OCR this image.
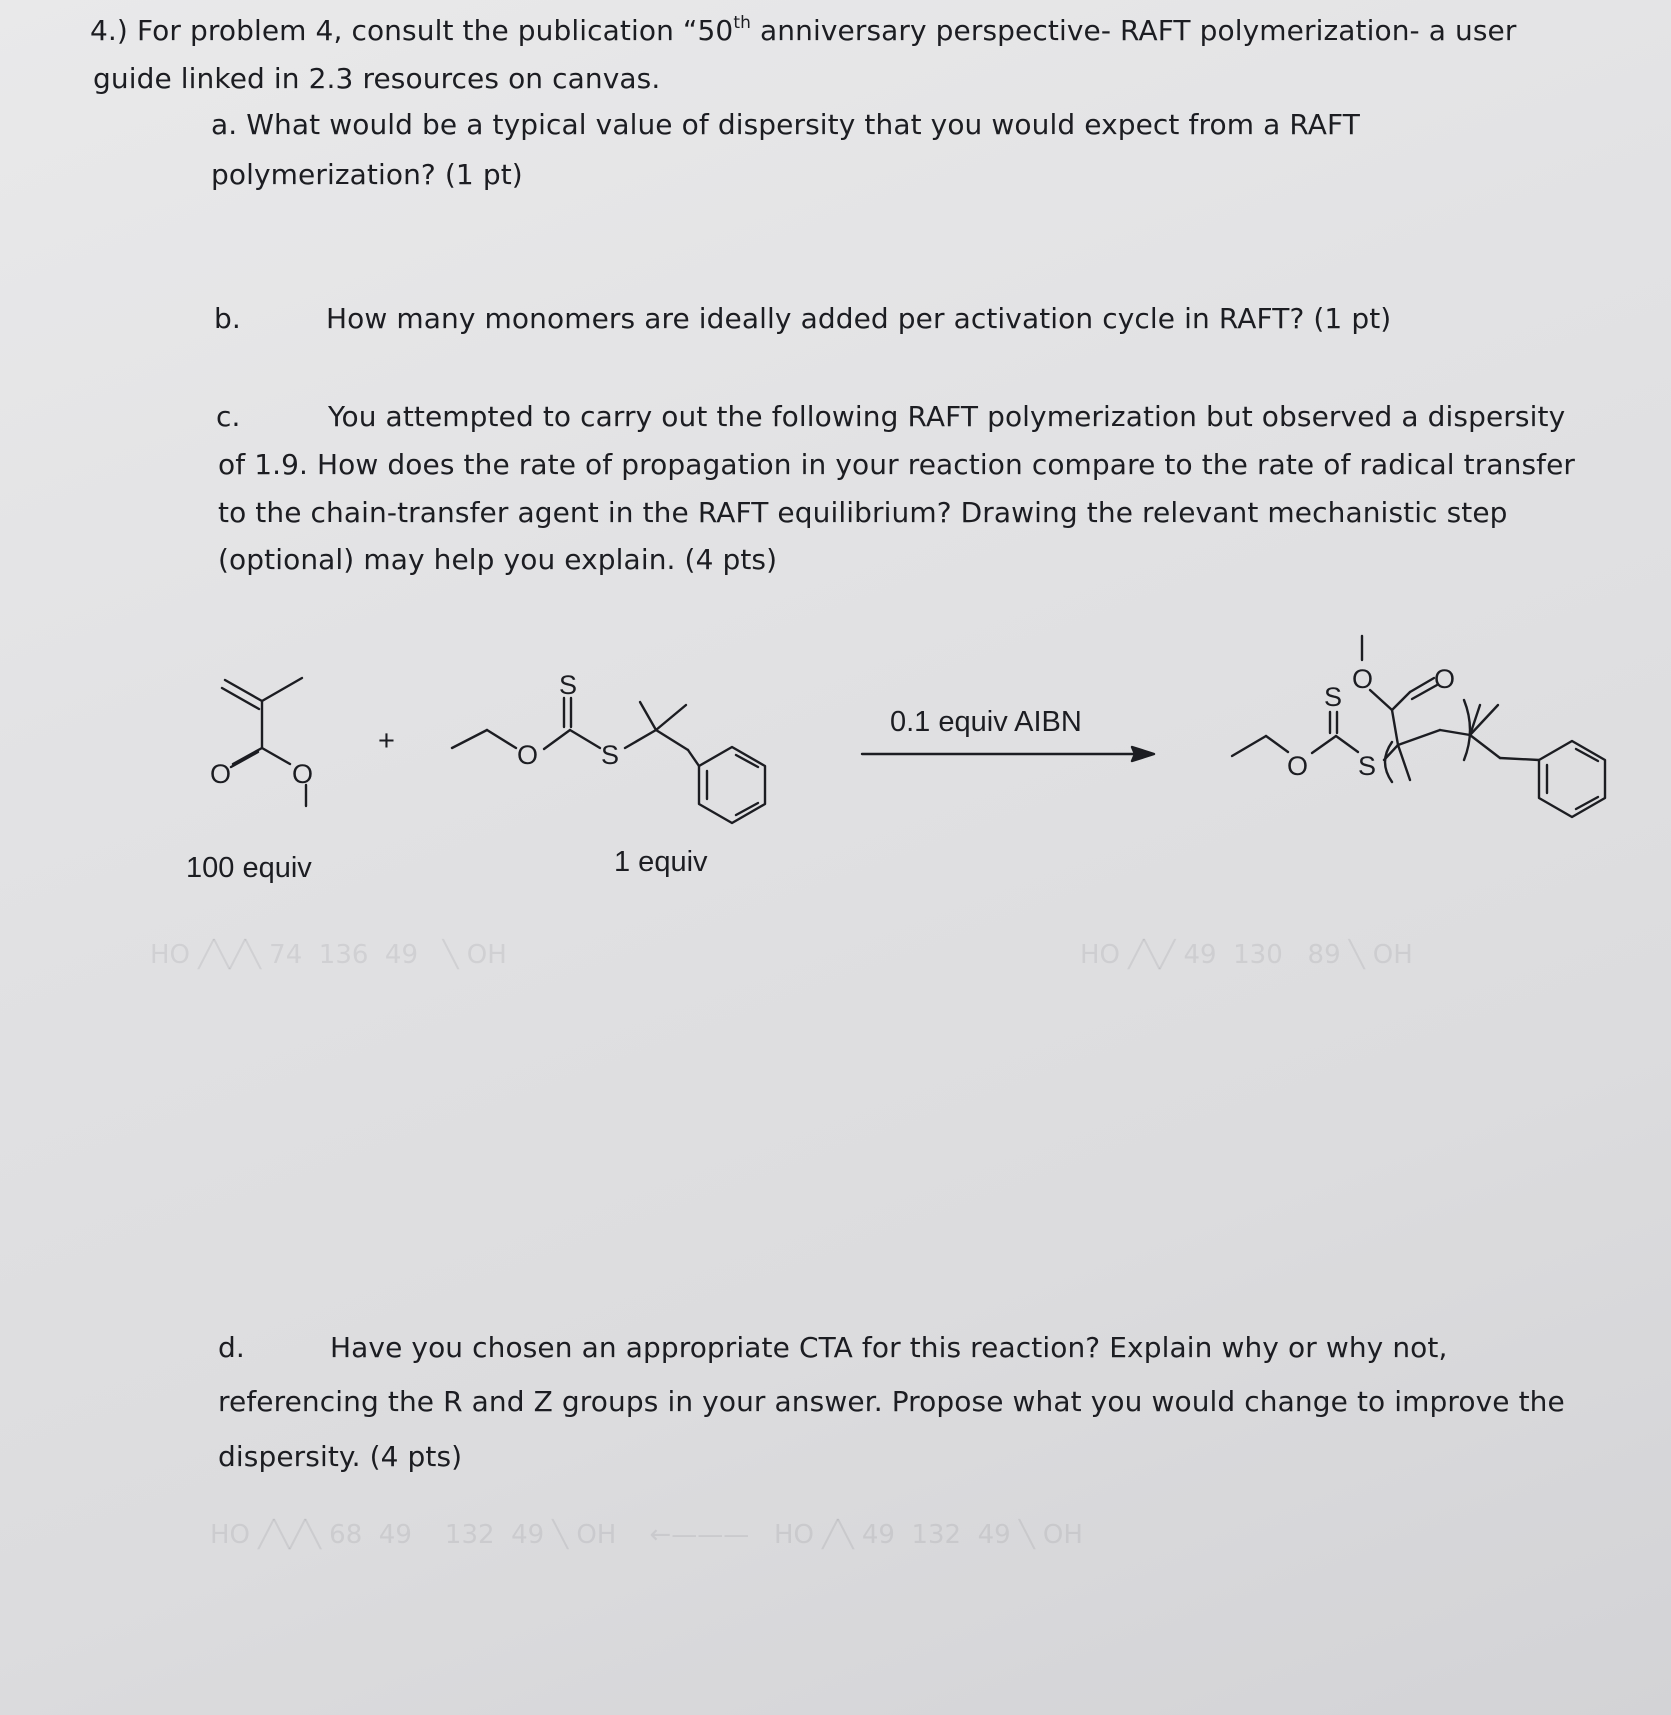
HO ╱╲╱╲ 74  136  49   ╲ OH	HO ╱╲╱ 49  130   89 ╲ OH
HO ╱╲╱╲ 68  49    132  49 ╲ OH    ←———   HO ╱╲ 49  132  49 ╲ OH
4.) For problem 4, consult the publication “50th anniversary perspective- RAFT polymerization- a user
guide linked in 2.3 resources on canvas.
a. What would be a typical value of dispersity that you would expect from a RAFT
polymerization? (1 pt)
b.	How many monomers are ideally added per activation cycle in RAFT? (1 pt)
c.	You attempted to carry out the following RAFT polymerization but observed a dispersity
of 1.9. How does the rate of propagation in your reaction compare to the rate of radical transfer
to the chain-transfer agent in the RAFT equilibrium? Drawing the relevant mechanistic step
(optional) may help you explain. (4 pts)
O O
O
S
S	O
S
S
O O
+
100 equiv	1 equiv
0.1 equiv AIBN
d.	Have you chosen an appropriate CTA for this reaction? Explain why or why not,
referencing the R and Z groups in your answer. Propose what you would change to improve the
dispersity. (4 pts)
